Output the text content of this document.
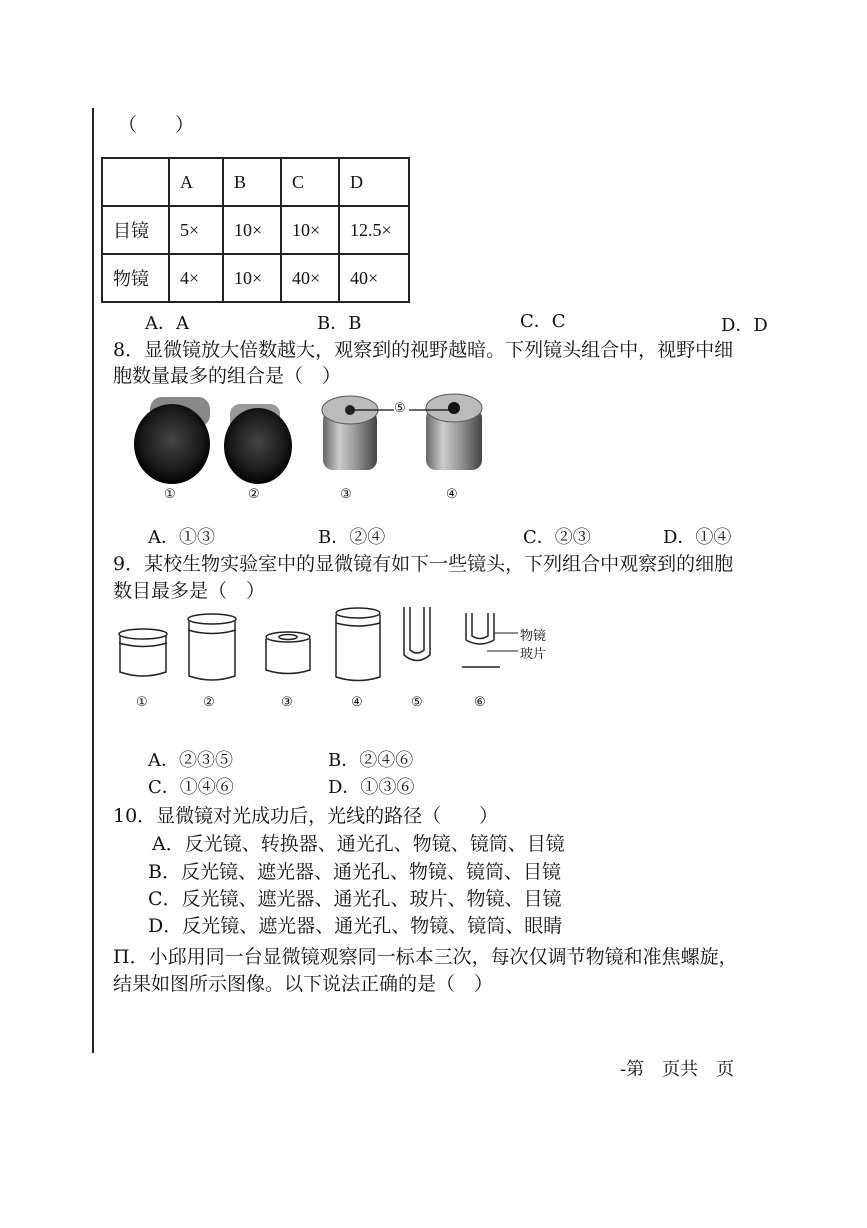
（　　）
	A	B	C	D
目镜	5×	10×	10×	12.5×
物镜	4×	10×	40×	40×
A．A	B．B	C．C	D．D
8．显微镜放大倍数越大，观察到的视野越暗。下列镜头组合中，视野中细
胞数量最多的组合是（　）
⑤
①	②	③	④
A．①③	B．②④	C．②③	D．①④
9．某校生物实验室中的显微镜有如下一些镜头，下列组合中观察到的细胞
数目最多是（　）
物镜
玻片
①	②	③	④	⑤	⑥
A．②③⑤	B．②④⑥
C．①④⑥	D．①③⑥
10．显微镜对光成功后，光线的路径（　　）
A．反光镜、转换器、通光孔、物镜、镜筒、目镜
B．反光镜、遮光器、通光孔、物镜、镜筒、目镜
C．反光镜、遮光器、通光孔、玻片、物镜、目镜
D．反光镜、遮光器、通光孔、物镜、镜筒、眼睛
П．小邱用同一台显微镜观察同一标本三次，每次仅调节物镜和准焦螺旋，
结果如图所示图像。以下说法正确的是（　）
-第　页共　页
